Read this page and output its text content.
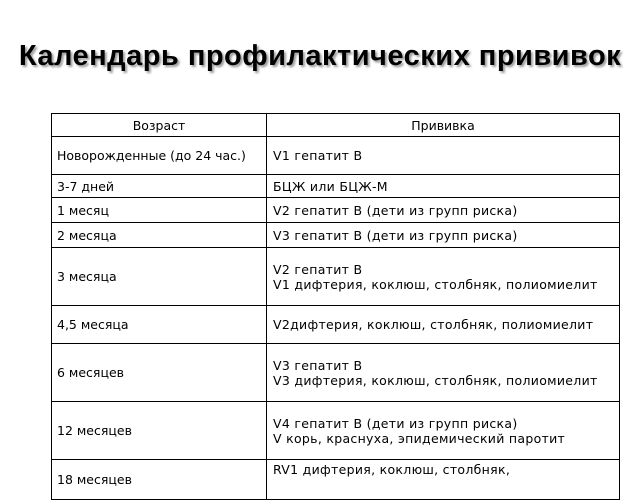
Календарь профилактических прививок
Возраст	Прививка
Новорожденные (до 24 час.)	V1 гепатит В

3-7 дней	БЦЖ или БЦЖ-М

1 месяц	V2 гепатит В (дети из групп риска)

2 месяца	V3 гепатит В (дети из групп риска)

3 месяца	V2 гепатит В
V1 дифтерия, коклюш, столбняк, полиомиелит

4,5 месяца	V2дифтерия, коклюш, столбняк, полиомиелит

6 месяцев	V3 гепатит В
V3 дифтерия, коклюш, столбняк, полиомиелит

12 месяцев	V4 гепатит В (дети из групп риска)
V корь, краснуха, эпидемический паротит

18 месяцев	RV1 дифтерия, коклюш, столбняк,
